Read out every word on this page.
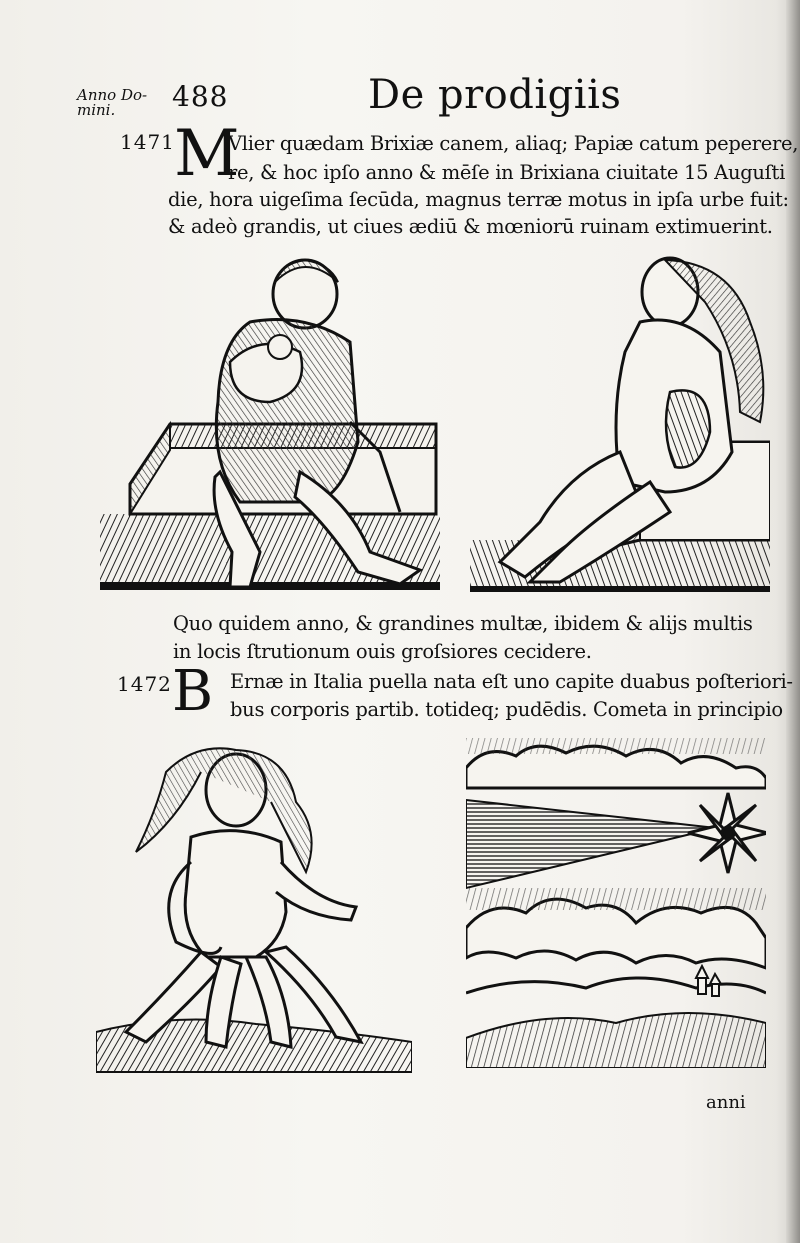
Anno Do-
mini.	488	De prodigiis
1471 M
Vlier quædam Brixiæ canem, aliaq; Papiæ catum peperere,
re, & hoc ipſo anno & mēſe in Brixiana ciuitate 15 Auguſti
die, hora uigeſima ſecūda, magnus terræ motus in ipſa urbe fuit:
& adeò grandis, ut ciues ædiū & mœniorū ruinam extimuerint.
Quo quidem anno, & grandines multæ, ibidem & alijs multis
in locis ſtrutionum ouis groſsiores cecidere.
1472 B Ernæ in Italia puella nata eſt uno capite duabus poſteriori-
bus corporis partib. totideq; pudēdis. Cometa in principio
anni
